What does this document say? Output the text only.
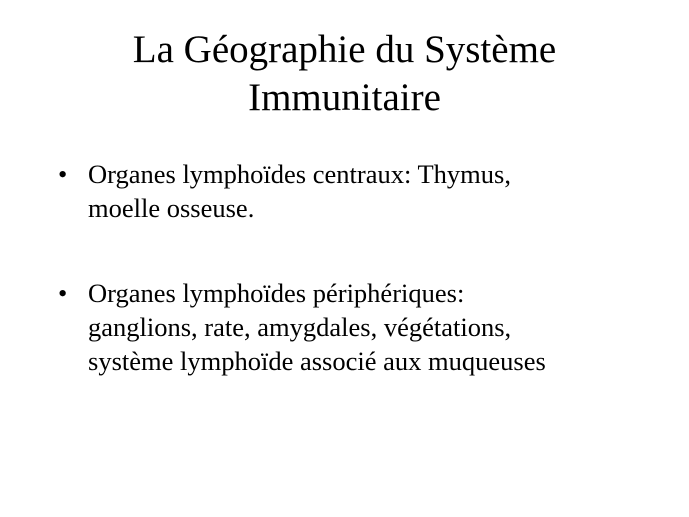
La Géographie du Système
Immunitaire
• Organes lymphoïdes centraux: Thymus,
moelle osseuse.
• Organes lymphoïdes périphériques:
ganglions, rate, amygdales, végétations,
système lymphoïde associé aux muqueuses
